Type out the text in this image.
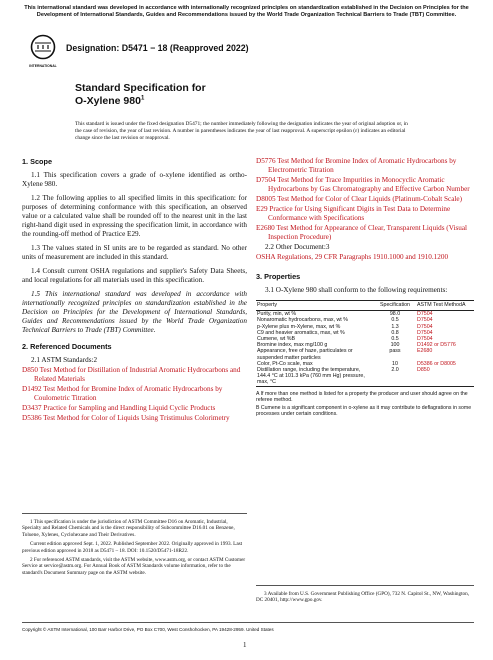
This international standard was developed in accordance with internationally recognized principles on standardization established in the Decision on Principles for the Development of International Standards, Guides and Recommendations issued by the World Trade Organization Technical Barriers to Trade (TBT) Committee.
INTERNATIONAL
Designation: D5471 − 18 (Reapproved 2022)
Standard Specification for
O-Xylene $980^1$
This standard is issued under the fixed designation D5471; the number immediately following the designation indicates the year of original adoption or, in the case of revision, the year of last revision. A number in parentheses indicates the year of last reapproval. A superscript epsilon (ε) indicates an editorial change since the last revision or reapproval.
1. Scope

1.1 This specification covers a grade of o-xylene identified as ortho-Xylene 980.

1.2 The following applies to all specified limits in this specification: for purposes of determining conformance with this specification, an observed value or a calculated value shall be rounded off to the nearest unit in the last right-hand digit used in expressing the specification limit, in accordance with the rounding-off method of Practice E29.

1.3 The values stated in SI units are to be regarded as standard. No other units of measurement are included in this standard.

1.4 Consult current OSHA regulations and supplier's Safety Data Sheets, and local regulations for all materials used in this specification.

1.5 This international standard was developed in accordance with internationally recognized principles on standardization established in the Decision on Principles for the Development of International Standards, Guides and Recommendations issued by the World Trade Organization Technical Barriers to Trade (TBT) Committee.

2. Referenced Documents
2.1 ASTM Standards:2
D850 Test Method for Distillation of Industrial Aromatic Hydrocarbons and Related Materials
D1492 Test Method for Bromine Index of Aromatic Hydrocarbons by Coulometric Titration
D3437 Practice for Sampling and Handling Liquid Cyclic Products
D5386 Test Method for Color of Liquids Using Tristimulus Colorimetry
D5776 Test Method for Bromine Index of Aromatic Hydrocarbons by Electrometric Titration
D7504 Test Method for Trace Impurities in Monocyclic Aromatic Hydrocarbons by Gas Chromatography and Effective Carbon Number
D8005 Test Method for Color of Clear Liquids (Platinum-Cobalt Scale)
E29 Practice for Using Significant Digits in Test Data to Determine Conformance with Specifications
E2680 Test Method for Appearance of Clear, Transparent Liquids (Visual Inspection Procedure)
2.2 Other Document:3
OSHA Regulations, 29 CFR Paragraphs 1910.1000 and 1910.1200
3. Properties

3.1 O-Xylene 980 shall conform to the following requirements:

Property	Specification	ASTM Test MethodA
Purity, min, wt %	98.0	D7504
Nonaromatic hydrocarbons, max, wt %	0.5	D7504
p-Xylene plus m-Xylene, max, wt %	1.3	D7504
C9 and heavier aromatics, max, wt %	0.8	D7504
Cumene, wt %B	0.5	D7504
Bromine index, max mg/100 g	100	D1492 or D5776
Appearance, free of haze, particulates or suspended matter particles	pass	E2680
Color, Pt-Co scale, max	10	D5386 or D8005
Distillation range, including the temperature, 144.4 °C at 101.3 kPa (760 mm Hg) pressure, max, °C	2.0	D850

A If more than one method is listed for a property the producer and user should agree on the referee method.

B Cumene is a significant component in o-xylene as it may contribute to deflagrations in some processes under certain conditions.

1 This specification is under the jurisdiction of ASTM Committee D16 on Aromatic, Industrial, Specialty and Related Chemicals and is the direct responsibility of Subcommittee D16.01 on Benzene, Toluene, Xylenes, Cyclohexane and Their Derivatives.

Current edition approved Sept. 1, 2022. Published September 2022. Originally approved in 1993. Last previous edition approved in 2018 as D5471 – 18. DOI: 10.1520/D5471-18R22.

2 For referenced ASTM standards, visit the ASTM website, www.astm.org, or contact ASTM Customer Service at service@astm.org. For Annual Book of ASTM Standards volume information, refer to the standard's Document Summary page on the ASTM website.

3 Available from U.S. Government Publishing Office (GPO), 732 N. Capitol St., NW, Washington, DC 20401, http://www.gpo.gov.
Copyright © ASTM International, 100 Barr Harbor Drive, PO Box C700, West Conshohocken, PA 19428-2959. United States
1
